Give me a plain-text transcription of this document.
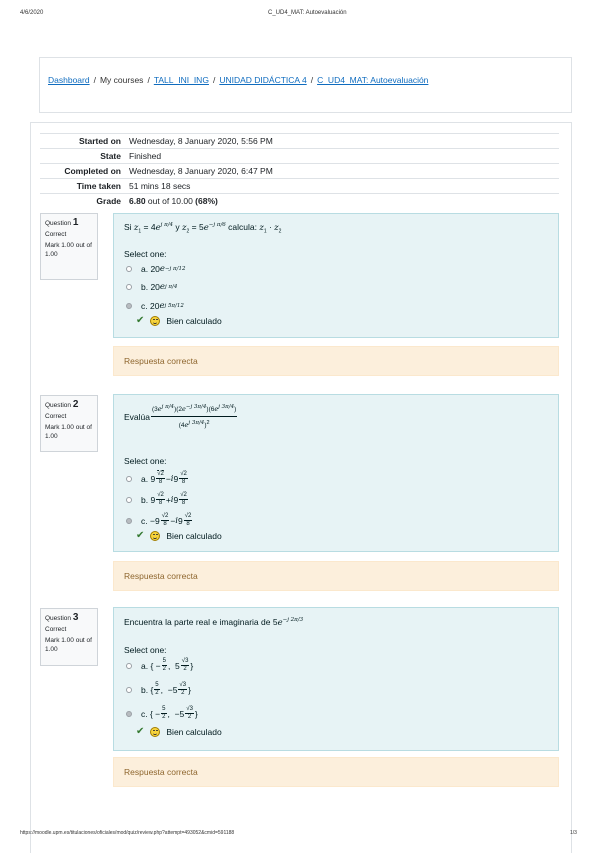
4/6/2020	C_UD4_MAT: Autoevaluación
Dashboard / My courses / TALL_INI_ING / UNIDAD DIDÁCTICA 4 / C_UD4_MAT: Autoevaluación
Started on	Wednesday, 8 January 2020, 5:56 PM
State	Finished
Completed on	Wednesday, 8 January 2020, 6:47 PM
Time taken	51 mins 18 secs
Grade	6.80 out of 10.00 (68%)
Question 1
Correct
Mark 1.00 out of 1.00
Si $z_1 = 4e^{j \pi/4}$ y $z_2 = 5e^{-j \pi/6}$ calcula: $z_1 \cdot z_2$
Select one:
a. 20 e −j π/12
b. 20 e j π/4
c. 20 e j 5π/12
✔	Bien calculado
Respuesta correcta
Question 2
Correct
Mark 1.00 out of 1.00
Evalúa $\frac{(3e^{j \pi/4})(2e^{-j 3\pi/4})(6e^{j 3\pi/4})}{(4e^{j 3\pi/4})^2}$
Select one:
a. $9 \frac{√2}{8} - i$ $9 \frac{√2}{8}$
b. $9 \frac{√2}{8} + i$ $9 \frac{√2}{8}$
c. $-9 \frac{√2}{8} - i$ $9 \frac{√2}{8}$
✔	Bien calculado
Respuesta correcta
Question 3
Correct
Mark 1.00 out of 1.00
Encuentra la parte real e imaginaria de $5e^{-j 2\pi/3}$
Select one:
a. { − $\frac{5}{2}$ ,  $5 \frac{√3}{2}$ }
b. { $\frac{5}{2}$ ,  $-5 \frac{√3}{2}$ }
c. { − $\frac{5}{2}$ ,  $-5 \frac{√3}{2}$ }
✔	Bien calculado
Respuesta correcta
https://moodle.upm.es/titulaciones/oficiales/mod/quiz/review.php?attempt=493052&cmid=591188	1/3
